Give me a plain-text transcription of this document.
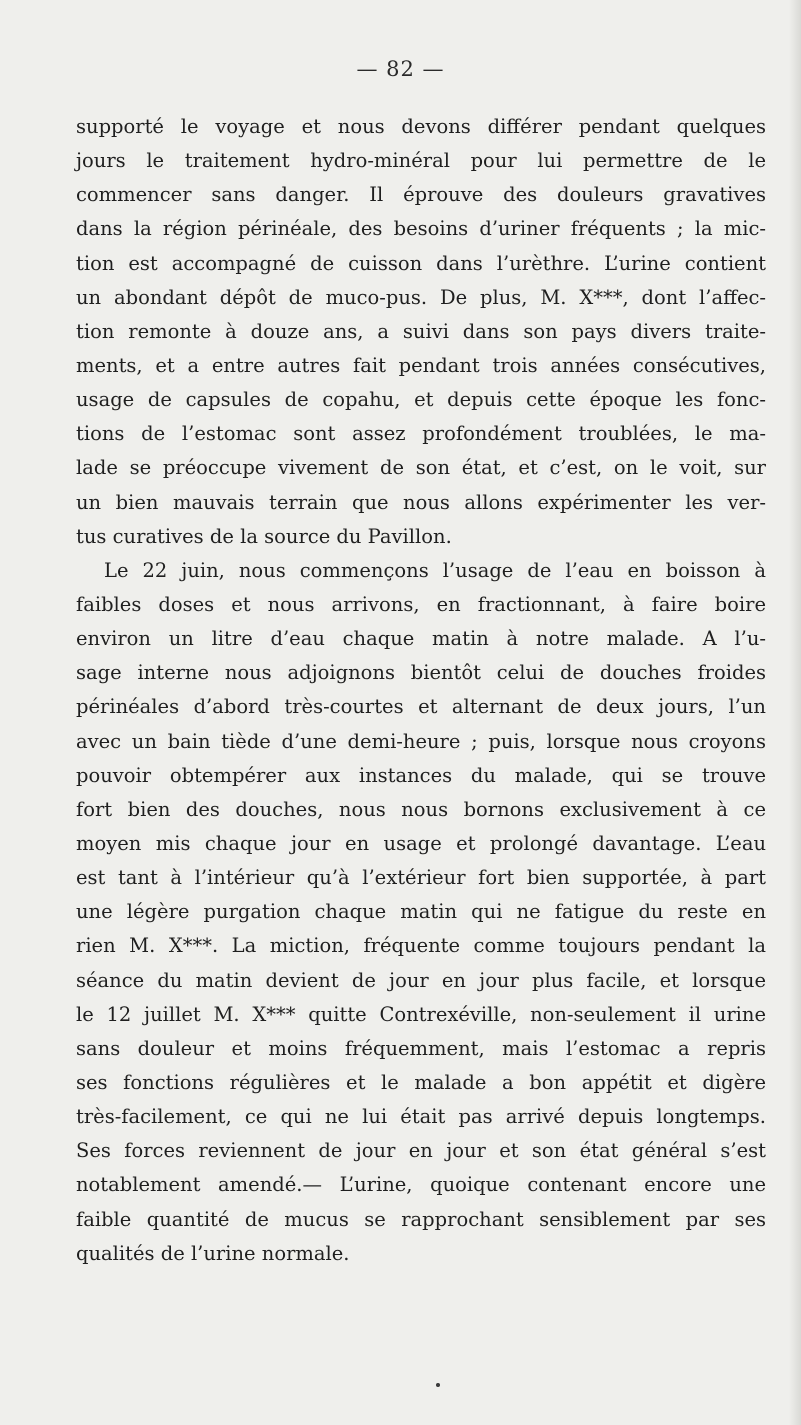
— 82 —
supporté le voyage et nous devons différer pendant quelques
jours le traitement hydro-minéral pour lui permettre de le
commencer sans danger. Il éprouve des douleurs gravatives
dans la région périnéale, des besoins d’uriner fréquents ; la mic-
tion est accompagné de cuisson dans l’urèthre. L’urine contient
un abondant dépôt de muco-pus. De plus, M. X***, dont l’affec-
tion remonte à douze ans, a suivi dans son pays divers traite-
ments, et a entre autres fait pendant trois années consécutives,
usage de capsules de copahu, et depuis cette époque les fonc-
tions de l’estomac sont assez profondément troublées, le ma-
lade se préoccupe vivement de son état, et c’est, on le voit, sur
un bien mauvais terrain que nous allons expérimenter les ver-
tus curatives de la source du Pavillon.
Le 22 juin, nous commençons l’usage de l’eau en boisson à
faibles doses et nous arrivons, en fractionnant, à faire boire
environ un litre d’eau chaque matin à notre malade. A l’u-
sage interne nous adjoignons bientôt celui de douches froides
périnéales d’abord très-courtes et alternant de deux jours, l’un
avec un bain tiède d’une demi-heure ; puis, lorsque nous croyons
pouvoir obtempérer aux instances du malade, qui se trouve
fort bien des douches, nous nous bornons exclusivement à ce
moyen mis chaque jour en usage et prolongé davantage. L’eau
est tant à l’intérieur qu’à l’extérieur fort bien supportée, à part
une légère purgation chaque matin qui ne fatigue du reste en
rien M. X***. La miction, fréquente comme toujours pendant la
séance du matin devient de jour en jour plus facile, et lorsque
le 12 juillet M. X*** quitte Contrexéville, non-seulement il urine
sans douleur et moins fréquemment, mais l’estomac a repris
ses fonctions régulières et le malade a bon appétit et digère
très-facilement, ce qui ne lui était pas arrivé depuis longtemps.
Ses forces reviennent de jour en jour et son état général s’est
notablement amendé.— L’urine, quoique contenant encore une
faible quantité de mucus se rapprochant sensiblement par ses
qualités de l’urine normale.
